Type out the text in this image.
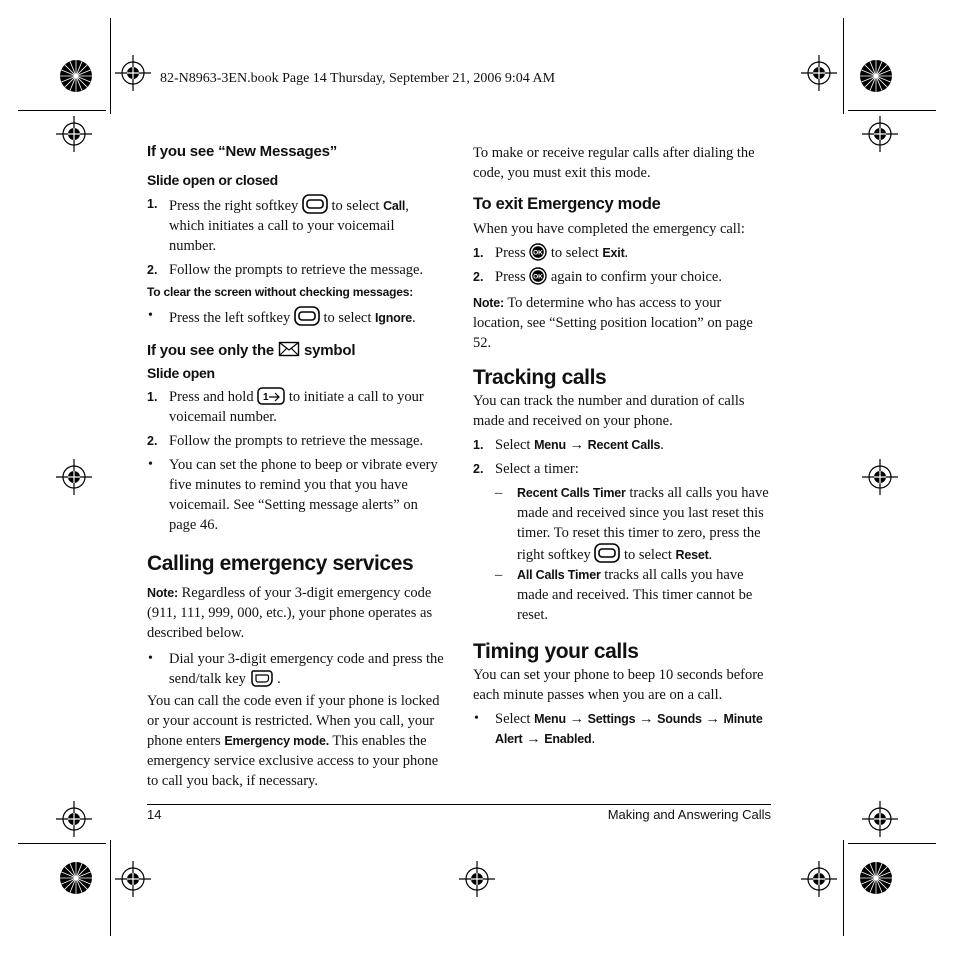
82-N8963-3EN.book Page 14 Thursday, September 21, 2006 9:04 AM
If you see “New Messages”
Slide open or closed
1. Press the right softkey to select Call, which initiates a call to your voicemail number.
2. Follow the prompts to retrieve the message.
To clear the screen without checking messages:
• Press the left softkey to select Ignore.
If you see only the symbol
Slide open
1. Press and hold 1 to initiate a call to your voicemail number.
2. Follow the prompts to retrieve the message.
• You can set the phone to beep or vibrate every five minutes to remind you that you have voicemail. See “Setting message alerts” on page 46.
Calling emergency services

Note: Regardless of your 3-digit emergency code (911, 111, 999, 000, etc.), your phone operates as described below.

• Dial your 3-digit emergency code and press the send/talk key .

You can call the code even if your phone is locked or your account is restricted. When you call, your phone enters Emergency mode. This enables the emergency service exclusive access to your phone to call you back, if necessary.

To make or receive regular calls after dialing the code, you must exit this mode.

To exit Emergency mode

When you have completed the emergency call:

1. Press OK to select Exit.
2. Press OK again to confirm your choice.

Note: To determine who has access to your location, see “Setting position location” on page 52.

Tracking calls

You can track the number and duration of calls made and received on your phone.

1. Select Menu → Recent Calls.
2. Select a timer:
– Recent Calls Timer tracks all calls you have made and received since you last reset this timer. To reset this timer to zero, press the right softkey to select Reset.
– All Calls Timer tracks all calls you have made and received. This timer cannot be reset.
Timing your calls

You can set your phone to beep 10 seconds before each minute passes when you are on a call.

• Select Menu → Settings → Sounds → Minute Alert → Enabled.
14	Making and Answering Calls
